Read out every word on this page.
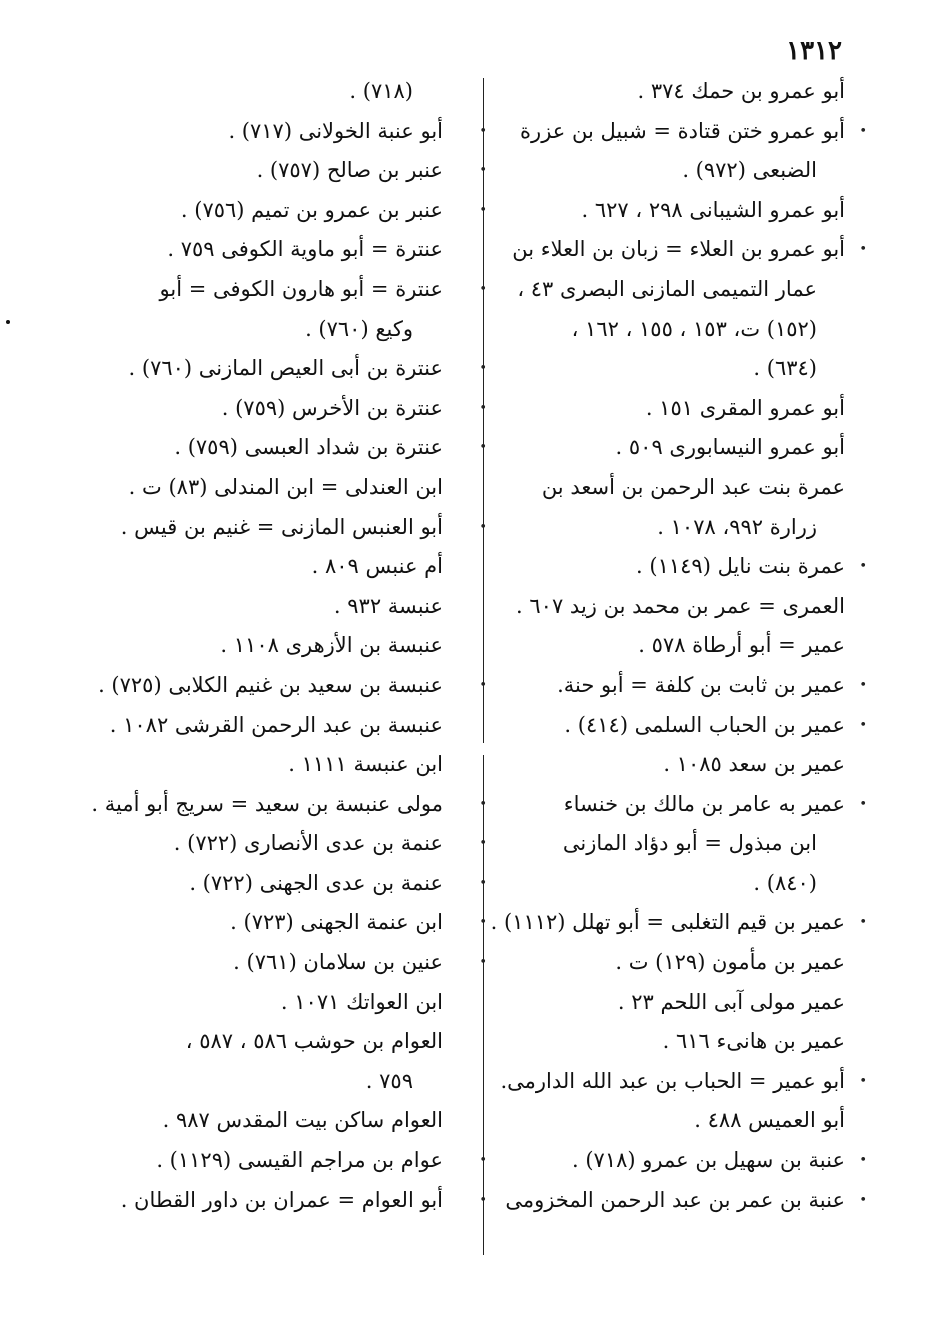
١٣١٢
أبو عمرو بن حمك ٣٧٤ .
•
أبو عمرو ختن قتادة = شبيل بن عزرة
الضبعى (٩٧٢) .
أبو عمرو الشيبانى ٢٩٨ ، ٦٢٧ .
•
أبو عمرو بن العلاء = زبان بن العلاء بن
عمار التميمى المازنى البصرى ٤٣ ،
(١٥٢) ت، ١٥٣ ، ١٥٥ ، ١٦٢ ،
(٦٣٤) .
أبو عمرو المقرى ١٥١ .
أبو عمرو النيسابورى ٥٠٩ .
عمرة بنت عبد الرحمن بن أسعد بن
زرارة ٩٩٢، ١٠٧٨ .
•
عمرة بنت نايل (١١٤٩) .
العمرى = عمر بن محمد بن زيد ٦٠٧ .
عمير = أبو أرطاة ٥٧٨ .
•
عمير بن ثابت بن كلفة = أبو حنة.
•
عمير بن الحباب السلمى (٤١٤) .
عمير بن سعد ١٠٨٥ .
•
عمير به عامر بن مالك بن خنساء
ابن مبذول = أبو دؤاد المازنى
(٨٤٠) .
•
عمير بن قيم التغلبى = أبو تهلل (١١١٢) .
عمير بن مأمون (١٢٩) ت .
عمير مولى آبى اللحم ٢٣ .
عمير بن هانىء ٦١٦ .
•
أبو عمير = الحباب بن عبد الله الدارمى.
أبو العميس ٤٨٨ .
•
عنبة بن سهيل بن عمرو (٧١٨) .
•
عنبة بن عمر بن عبد الرحمن المخزومى
(٧١٨) .
•
أبو عنبة الخولانى (٧١٧) .
•
عنبر بن صالح (٧٥٧) .
•
عنبر بن عمرو بن تميم (٧٥٦) .
عنترة = أبو ماوية الكوفى ٧٥٩ .
•
عنترة = أبو هارون الكوفى = أبو
وكيع (٧٦٠) .
•
عنترة بن أبى العيص المازنى (٧٦٠) .
•
عنترة بن الأخرس (٧٥٩) .
•
عنترة بن شداد العبسى (٧٥٩) .
ابن العندلى = ابن المندلى (٨٣) ت .
•
أبو العنبس المازنى = غنيم بن قيس .
أم عنبس ٨٠٩ .
عنبسة ٩٣٢ .
عنبسة بن الأزهرى ١١٠٨ .
•
عنبسة بن سعيد بن غنيم الكلابى (٧٢٥) .
عنبسة بن عبد الرحمن القرشى ١٠٨٢ .
ابن عنبسة ١١١١ .
•
مولى عنبسة بن سعيد = سريج أبو أمية .
•
عنمة بن عدى الأنصارى (٧٢٢) .
•
عنمة بن عدى الجهنى (٧٢٢) .
•
ابن عنمة الجهنى (٧٢٣) .
•
عنين بن سلامان (٧٦١) .
ابن العواتك ١٠٧١ .
العوام بن حوشب ٥٨٦ ، ٥٨٧ ،
٧٥٩ .
العوام ساكن بيت المقدس ٩٨٧ .
•
عوام بن مراجم القيسى (١١٢٩) .
•
أبو العوام = عمران بن داور القطان .
